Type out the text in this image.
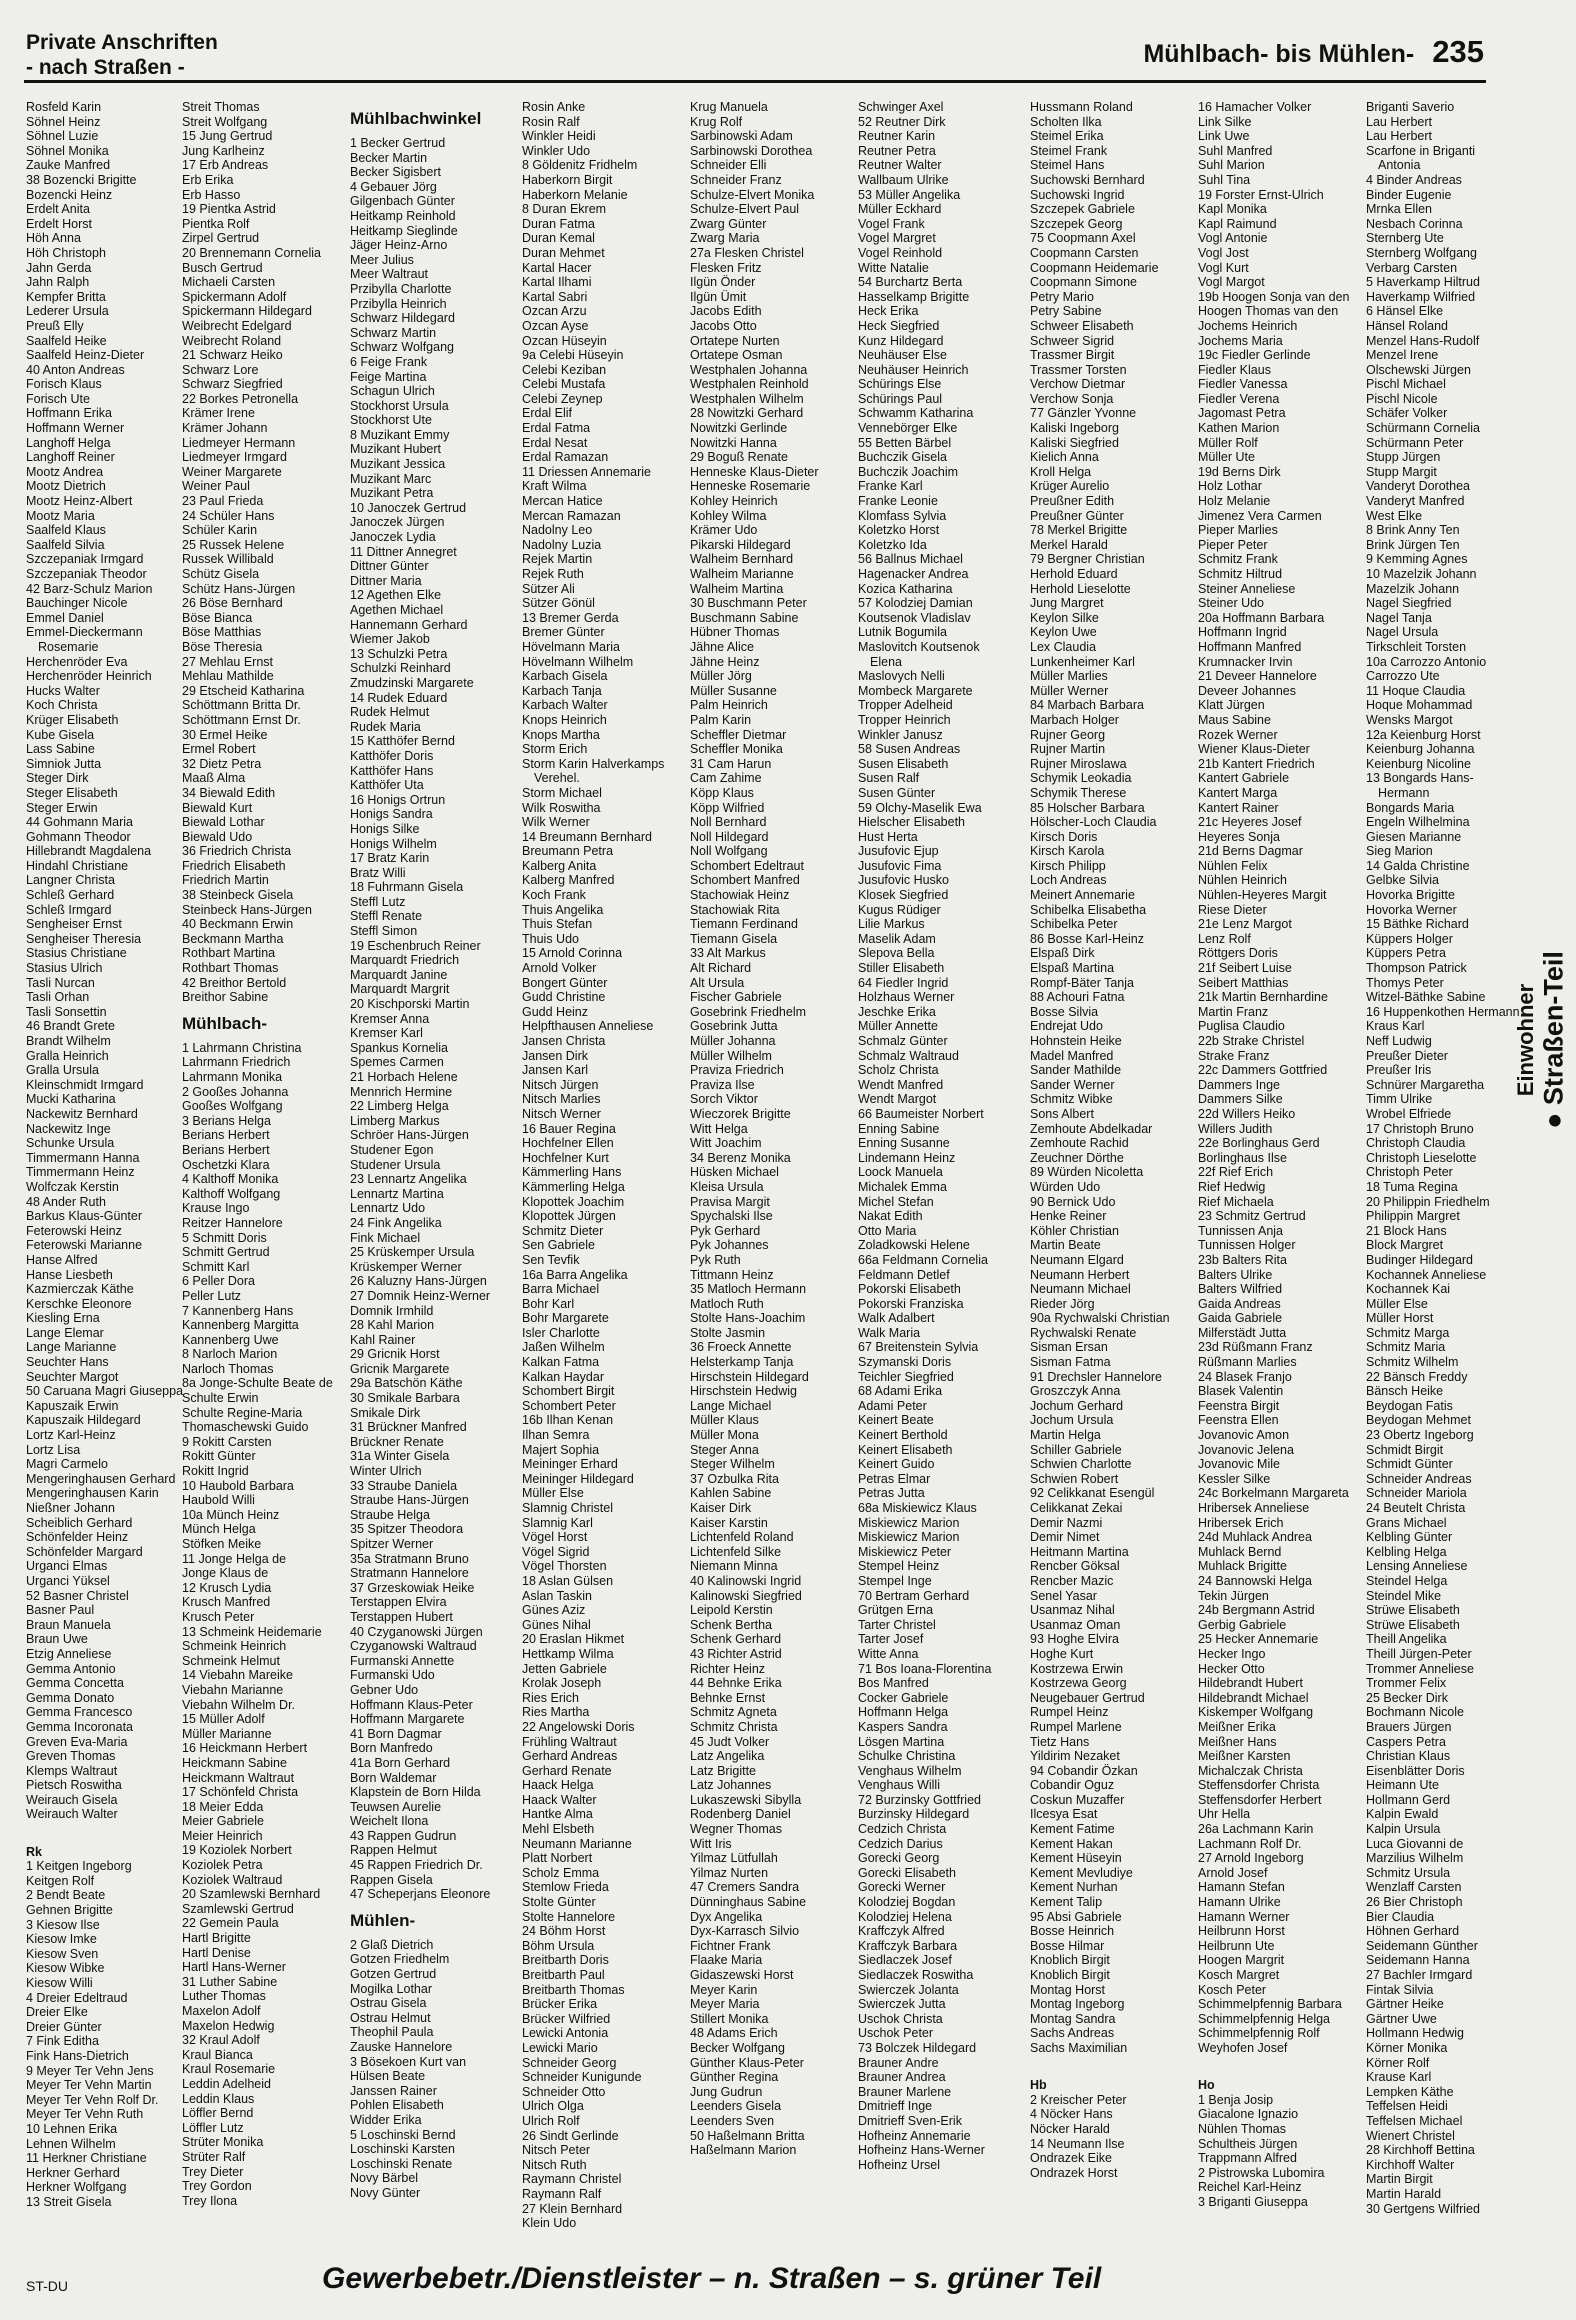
Private Anschriften
- nach Straßen -	Mühlbach- bis Mühlen- 235
Rosfeld Karin
Söhnel Heinz
Söhnel Luzie
Söhnel Monika
Zauke Manfred
38 Bozencki Brigitte
Bozencki Heinz
Erdelt Anita
Erdelt Horst
Höh Anna
Höh Christoph
Jahn Gerda
Jahn Ralph
Kempfer Britta
Lederer Ursula
Preuß Elly
Saalfeld Heike
Saalfeld Heinz-Dieter
40 Anton Andreas
Forisch Klaus
Forisch Ute
Hoffmann Erika
Hoffmann Werner
Langhoff Helga
Langhoff Reiner
Mootz Andrea
Mootz Dietrich
Mootz Heinz-Albert
Mootz Maria
Saalfeld Klaus
Saalfeld Silvia
Szczepaniak Irmgard
Szczepaniak Theodor
42 Barz-Schulz Marion
Bauchinger Nicole
Emmel Daniel
Emmel-Dieckermann
Rosemarie
Herchenröder Eva
Herchenröder Heinrich
Hucks Walter
Koch Christa
Krüger Elisabeth
Kube Gisela
Lass Sabine
Simniok Jutta
Steger Dirk
Steger Elisabeth
Steger Erwin
44 Gohmann Maria
Gohmann Theodor
Hillebrandt Magdalena
Hindahl Christiane
Langner Christa
Schleß Gerhard
Schleß Irmgard
Sengheiser Ernst
Sengheiser Theresia
Stasius Christiane
Stasius Ulrich
Tasli Nurcan
Tasli Orhan
Tasli Sonsettin
46 Brandt Grete
Brandt Wilhelm
Gralla Heinrich
Gralla Ursula
Kleinschmidt Irmgard
Mucki Katharina
Nackewitz Bernhard
Nackewitz Inge
Schunke Ursula
Timmermann Hanna
Timmermann Heinz
Wolfczak Kerstin
48 Ander Ruth
Barkus Klaus-Günter
Feterowski Heinz
Feterowski Marianne
Hanse Alfred
Hanse Liesbeth
Kazmierczak Käthe
Kerschke Eleonore
Kiesling Erna
Lange Elemar
Lange Marianne
Seuchter Hans
Seuchter Margot
50 Caruana Magri Giuseppa
Kapuszaik Erwin
Kapuszaik Hildegard
Lortz Karl-Heinz
Lortz Lisa
Magri Carmelo
Mengeringhausen Gerhard
Mengeringhausen Karin
Nießner Johann
Scheiblich Gerhard
Schönfelder Heinz
Schönfelder Margard
Urganci Elmas
Urganci Yüksel
52 Basner Christel
Basner Paul
Braun Manuela
Braun Uwe
Etzig Anneliese
Gemma Antonio
Gemma Concetta
Gemma Donato
Gemma Francesco
Gemma Incoronata
Greven Eva-Maria
Greven Thomas
Klemps Waltraut
Pietsch Roswitha
Weirauch Gisela
Weirauch Walter

Rk
1 Keitgen Ingeborg
Keitgen Rolf
2 Bendt Beate
Gehnen Brigitte
3 Kiesow Ilse
Kiesow Imke
Kiesow Sven
Kiesow Wibke
Kiesow Willi
4 Dreier Edeltraud
Dreier Elke
Dreier Günter
7 Fink Editha
Fink Hans-Dietrich
9 Meyer Ter Vehn Jens
Meyer Ter Vehn Martin
Meyer Ter Vehn Rolf Dr.
Meyer Ter Vehn Ruth
10 Lehnen Erika
Lehnen Wilhelm
11 Herkner Christiane
Herkner Gerhard
Herkner Wolfgang
13 Streit Gisela
Streit Thomas
Streit Wolfgang
15 Jung Gertrud
Jung Karlheinz
17 Erb Andreas
Erb Erika
Erb Hasso
19 Pientka Astrid
Pientka Rolf
Zirpel Gertrud
20 Brennemann Cornelia
Busch Gertrud
Michaeli Carsten
Spickermann Adolf
Spickermann Hildegard
Weibrecht Edelgard
Weibrecht Roland
21 Schwarz Heiko
Schwarz Lore
Schwarz Siegfried
22 Borkes Petronella
Krämer Irene
Krämer Johann
Liedmeyer Hermann
Liedmeyer Irmgard
Weiner Margarete
Weiner Paul
23 Paul Frieda
24 Schüler Hans
Schüler Karin
25 Russek Helene
Russek Willibald
Schütz Gisela
Schütz Hans-Jürgen
26 Böse Bernhard
Böse Bianca
Böse Matthias
Böse Theresia
27 Mehlau Ernst
Mehlau Mathilde
29 Etscheid Katharina
Schöttmann Britta Dr.
Schöttmann Ernst Dr.
30 Ermel Heike
Ermel Robert
32 Dietz Petra
Maaß Alma
34 Biewald Edith
Biewald Kurt
Biewald Lothar
Biewald Udo
36 Friedrich Christa
Friedrich Elisabeth
Friedrich Martin
38 Steinbeck Gisela
Steinbeck Hans-Jürgen
40 Beckmann Erwin
Beckmann Martha
Rothbart Martina
Rothbart Thomas
42 Breithor Bertold
Breithor Sabine
Mühlbach-
1 Lahrmann Christina
Lahrmann Friedrich
Lahrmann Monika
2 Gooßes Johanna
Gooßes Wolfgang
3 Berians Helga
Berians Herbert
Berians Herbert
Oschetzki Klara
4 Kalthoff Monika
Kalthoff Wolfgang
Krause Ingo
Reitzer Hannelore
5 Schmitt Doris
Schmitt Gertrud
Schmitt Karl
6 Peller Dora
Peller Lutz
7 Kannenberg Hans
Kannenberg Margitta
Kannenberg Uwe
8 Narloch Marion
Narloch Thomas
8a Jonge-Schulte Beate de
Schulte Erwin
Schulte Regine-Maria
Thomaschewski Guido
9 Rokitt Carsten
Rokitt Günter
Rokitt Ingrid
10 Haubold Barbara
Haubold Willi
10a Münch Heinz
Münch Helga
Stöfken Meike
11 Jonge Helga de
Jonge Klaus de
12 Krusch Lydia
Krusch Manfred
Krusch Peter
13 Schmeink Heidemarie
Schmeink Heinrich
Schmeink Helmut
14 Viebahn Mareike
Viebahn Marianne
Viebahn Wilhelm Dr.
15 Müller Adolf
Müller Marianne
16 Heickmann Herbert
Heickmann Sabine
Heickmann Waltraut
17 Schönfeld Christa
18 Meier Edda
Meier Gabriele
Meier Heinrich
19 Koziolek Norbert
Koziolek Petra
Koziolek Waltraud
20 Szamlewski Bernhard
Szamlewski Gertrud
22 Gemein Paula
Hartl Brigitte
Hartl Denise
Hartl Hans-Werner
31 Luther Sabine
Luther Thomas
Maxelon Adolf
Maxelon Hedwig
32 Kraul Adolf
Kraul Bianca
Kraul Rosemarie
Leddin Adelheid
Leddin Klaus
Löffler Bernd
Löffler Lutz
Strüter Monika
Strüter Ralf
Trey Dieter
Trey Gordon
Trey Ilona
Mühlbachwinkel
1 Becker Gertrud
Becker Martin
Becker Sigisbert
4 Gebauer Jörg
Gilgenbach Günter
Heitkamp Reinhold
Heitkamp Sieglinde
Jäger Heinz-Arno
Meer Julius
Meer Waltraut
Przibylla Charlotte
Przibylla Heinrich
Schwarz Hildegard
Schwarz Martin
Schwarz Wolfgang
6 Feige Frank
Feige Martina
Schagun Ulrich
Stockhorst Ursula
Stockhorst Ute
8 Muzikant Emmy
Muzikant Hubert
Muzikant Jessica
Muzikant Marc
Muzikant Petra
10 Janoczek Gertrud
Janoczek Jürgen
Janoczek Lydia
11 Dittner Annegret
Dittner Günter
Dittner Maria
12 Agethen Elke
Agethen Michael
Hannemann Gerhard
Wiemer Jakob
13 Schulzki Petra
Schulzki Reinhard
Zmudzinski Margarete
14 Rudek Eduard
Rudek Helmut
Rudek Maria
15 Katthöfer Bernd
Katthöfer Doris
Katthöfer Hans
Katthöfer Uta
16 Honigs Ortrun
Honigs Sandra
Honigs Silke
Honigs Wilhelm
17 Bratz Karin
Bratz Willi
18 Fuhrmann Gisela
Steffl Lutz
Steffl Renate
Steffl Simon
19 Eschenbruch Reiner
Marquardt Friedrich
Marquardt Janine
Marquardt Margrit
20 Kischporski Martin
Kremser Anna
Kremser Karl
Spankus Kornelia
Spemes Carmen
21 Horbach Helene
Mennrich Hermine
22 Limberg Helga
Limberg Markus
Schröer Hans-Jürgen
Studener Egon
Studener Ursula
23 Lennartz Angelika
Lennartz Martina
Lennartz Udo
24 Fink Angelika
Fink Michael
25 Krüskemper Ursula
Krüskemper Werner
26 Kaluzny Hans-Jürgen
27 Domnik Heinz-Werner
Domnik Irmhild
28 Kahl Marion
Kahl Rainer
29 Gricnik Horst
Gricnik Margarete
29a Batschön Käthe
30 Smikale Barbara
Smikale Dirk
31 Brückner Manfred
Brückner Renate
31a Winter Gisela
Winter Ulrich
33 Straube Daniela
Straube Hans-Jürgen
Straube Helga
35 Spitzer Theodora
Spitzer Werner
35a Stratmann Bruno
Stratmann Hannelore
37 Grzeskowiak Heike
Terstappen Elvira
Terstappen Hubert
40 Czyganowski Jürgen
Czyganowski Waltraud
Furmanski Annette
Furmanski Udo
Gebner Udo
Hoffmann Klaus-Peter
Hoffmann Margarete
41 Born Dagmar
Born Manfredo
41a Born Gerhard
Born Waldemar
Klapstein de Born Hilda
Teuwsen Aurelie
Weichelt Ilona
43 Rappen Gudrun
Rappen Helmut
45 Rappen Friedrich Dr.
Rappen Gisela
47 Scheperjans Eleonore
Mühlen-
2 Glaß Dietrich
Gotzen Friedhelm
Gotzen Gertrud
Mogilka Lothar
Ostrau Gisela
Ostrau Helmut
Theophil Paula
Zauske Hannelore
3 Bösekoen Kurt van
Hülsen Beate
Janssen Rainer
Pohlen Elisabeth
Widder Erika
5 Loschinski Bernd
Loschinski Karsten
Loschinski Renate
Novy Bärbel
Novy Günter
Rosin Anke
Rosin Ralf
Winkler Heidi
Winkler Udo
8 Göldenitz Fridhelm
Haberkorn Birgit
Haberkorn Melanie
8 Duran Ekrem
Duran Fatma
Duran Kemal
Duran Mehmet
Kartal Hacer
Kartal Ilhami
Kartal Sabri
Ozcan Arzu
Ozcan Ayse
Ozcan Hüseyin
9a Celebi Hüseyin
Celebi Keziban
Celebi Mustafa
Celebi Zeynep
Erdal Elif
Erdal Fatma
Erdal Nesat
Erdal Ramazan
11 Driessen Annemarie
Kraft Wilma
Mercan Hatice
Mercan Ramazan
Nadolny Leo
Nadolny Luzia
Rejek Martin
Rejek Ruth
Sützer Ali
Sützer Gönül
13 Bremer Gerda
Bremer Günter
Hövelmann Maria
Hövelmann Wilhelm
Karbach Gisela
Karbach Tanja
Karbach Walter
Knops Heinrich
Knops Martha
Storm Erich
Storm Karin Halverkamps
Verehel.
Storm Michael
Wilk Roswitha
Wilk Werner
14 Breumann Bernhard
Breumann Petra
Kalberg Anita
Kalberg Manfred
Koch Frank
Thuis Angelika
Thuis Stefan
Thuis Udo
15 Arnold Corinna
Arnold Volker
Bongert Günter
Gudd Christine
Gudd Heinz
Helpfthausen Anneliese
Jansen Christa
Jansen Dirk
Jansen Karl
Nitsch Jürgen
Nitsch Marlies
Nitsch Werner
16 Bauer Regina
Hochfelner Ellen
Hochfelner Kurt
Kämmerling Hans
Kämmerling Helga
Klopottek Joachim
Klopottek Jürgen
Schmitz Dieter
Sen Gabriele
Sen Tevfik
16a Barra Angelika
Barra Michael
Bohr Karl
Bohr Margarete
Isler Charlotte
Jaßen Wilhelm
Kalkan Fatma
Kalkan Haydar
Schombert Birgit
Schombert Peter
16b Ilhan Kenan
Ilhan Semra
Majert Sophia
Meininger Erhard
Meininger Hildegard
Müller Else
Slamnig Christel
Slamnig Karl
Vögel Horst
Vögel Sigrid
Vögel Thorsten
18 Aslan Gülsen
Aslan Taskin
Günes Aziz
Günes Nihal
20 Eraslan Hikmet
Hettkamp Wilma
Jetten Gabriele
Krolak Joseph
Ries Erich
Ries Martha
22 Angelowski Doris
Frühling Waltraut
Gerhard Andreas
Gerhard Renate
Haack Helga
Haack Walter
Hantke Alma
Mehl Elsbeth
Neumann Marianne
Platt Norbert
Scholz Emma
Stemlow Frieda
Stolte Günter
Stolte Hannelore
24 Böhm Horst
Böhm Ursula
Breitbarth Doris
Breitbarth Paul
Breitbarth Thomas
Brücker Erika
Brücker Wilfried
Lewicki Antonia
Lewicki Mario
Schneider Georg
Schneider Kunigunde
Schneider Otto
Ulrich Olga
Ulrich Rolf
26 Sindt Gerlinde
Nitsch Peter
Nitsch Ruth
Raymann Christel
Raymann Ralf
27 Klein Bernhard
Klein Udo
Krug Manuela
Krug Rolf
Sarbinowski Adam
Sarbinowski Dorothea
Schneider Elli
Schneider Franz
Schulze-Elvert Monika
Schulze-Elvert Paul
Zwarg Günter
Zwarg Maria
27a Flesken Christel
Flesken Fritz
Ilgün Önder
Ilgün Ümit
Jacobs Edith
Jacobs Otto
Ortatepe Nurten
Ortatepe Osman
Westphalen Johanna
Westphalen Reinhold
Westphalen Wilhelm
28 Nowitzki Gerhard
Nowitzki Gerlinde
Nowitzki Hanna
29 Boguß Renate
Henneske Klaus-Dieter
Henneske Rosemarie
Kohley Heinrich
Kohley Wilma
Krämer Udo
Pikarski Hildegard
Walheim Bernhard
Walheim Marianne
Walheim Martina
30 Buschmann Peter
Buschmann Sabine
Hübner Thomas
Jähne Alice
Jähne Heinz
Müller Jörg
Müller Susanne
Palm Heinrich
Palm Karin
Scheffler Dietmar
Scheffler Monika
31 Cam Harun
Cam Zahime
Köpp Klaus
Köpp Wilfried
Noll Bernhard
Noll Hildegard
Noll Wolfgang
Schombert Edeltraut
Schombert Manfred
Stachowiak Heinz
Stachowiak Rita
Tiemann Ferdinand
Tiemann Gisela
33 Alt Markus
Alt Richard
Alt Ursula
Fischer Gabriele
Gosebrink Friedhelm
Gosebrink Jutta
Müller Johanna
Müller Wilhelm
Praviza Friedrich
Praviza Ilse
Sorch Viktor
Wieczorek Brigitte
Witt Helga
Witt Joachim
34 Berenz Monika
Hüsken Michael
Kleisa Ursula
Pravisa Margit
Spychalski Ilse
Pyk Gerhard
Pyk Johannes
Pyk Ruth
Tittmann Heinz
35 Matloch Hermann
Matloch Ruth
Stolte Hans-Joachim
Stolte Jasmin
36 Froeck Annette
Helsterkamp Tanja
Hirschstein Hildegard
Hirschstein Hedwig
Lange Michael
Müller Klaus
Müller Mona
Steger Anna
Steger Wilhelm
37 Ozbulka Rita
Kahlen Sabine
Kaiser Dirk
Kaiser Karstin
Lichtenfeld Roland
Lichtenfeld Silke
Niemann Minna
40 Kalinowski Ingrid
Kalinowski Siegfried
Leipold Kerstin
Schenk Bertha
Schenk Gerhard
43 Richter Astrid
Richter Heinz
44 Behnke Erika
Behnke Ernst
Schmitz Agneta
Schmitz Christa
45 Judt Volker
Latz Angelika
Latz Brigitte
Latz Johannes
Lukaszewski Sibylla
Rodenberg Daniel
Wegner Thomas
Witt Iris
Yilmaz Lütfullah
Yilmaz Nurten
47 Cremers Sandra
Dünninghaus Sabine
Dyx Angelika
Dyx-Karrasch Silvio
Fichtner Frank
Flaake Maria
Gidaszewski Horst
Meyer Karin
Meyer Maria
Stillert Monika
48 Adams Erich
Becker Wolfgang
Günther Klaus-Peter
Günther Regina
Jung Gudrun
Leenders Gisela
Leenders Sven
50 Haßelmann Britta
Haßelmann Marion
Schwinger Axel
52 Reutner Dirk
Reutner Karin
Reutner Petra
Reutner Walter
Wallbaum Ulrike
53 Müller Angelika
Müller Eckhard
Vogel Frank
Vogel Margret
Vogel Reinhold
Witte Natalie
54 Burchartz Berta
Hasselkamp Brigitte
Heck Erika
Heck Siegfried
Kunz Hildegard
Neuhäuser Else
Neuhäuser Heinrich
Schürings Else
Schürings Paul
Schwamm Katharina
Vennebörger Elke
55 Betten Bärbel
Buchczik Gisela
Buchczik Joachim
Franke Karl
Franke Leonie
Klomfass Sylvia
Koletzko Horst
Koletzko Ida
56 Ballnus Michael
Hagenacker Andrea
Kozica Katharina
57 Kolodziej Damian
Koutsenok Vladislav
Lutnik Bogumila
Maslovitch Koutsenok
Elena
Maslovych Nelli
Mombeck Margarete
Tropper Adelheid
Tropper Heinrich
Winkler Janusz
58 Susen Andreas
Susen Elisabeth
Susen Ralf
Susen Günter
59 Olchy-Maselik Ewa
Hielscher Elisabeth
Hust Herta
Jusufovic Ejup
Jusufovic Fima
Jusufovic Husko
Klosek Siegfried
Kugus Rüdiger
Lilie Markus
Maselik Adam
Slepova Bella
Stiller Elisabeth
64 Fiedler Ingrid
Holzhaus Werner
Jeschke Erika
Müller Annette
Schmalz Günter
Schmalz Waltraud
Scholz Christa
Wendt Manfred
Wendt Margot
66 Baumeister Norbert
Enning Sabine
Enning Susanne
Lindemann Heinz
Loock Manuela
Michalek Emma
Michel Stefan
Nakat Edith
Otto Maria
Zoladkowski Helene
66a Feldmann Cornelia
Feldmann Detlef
Pokorski Elisabeth
Pokorski Franziska
Walk Adalbert
Walk Maria
67 Breitenstein Sylvia
Szymanski Doris
Teichler Siegfried
68 Adami Erika
Adami Peter
Keinert Beate
Keinert Berthold
Keinert Elisabeth
Keinert Guido
Petras Elmar
Petras Jutta
68a Miskiewicz Klaus
Miskiewicz Marion
Miskiewicz Marion
Miskiewicz Peter
Stempel Heinz
Stempel Inge
70 Bertram Gerhard
Grütgen Erna
Tarter Christel
Tarter Josef
Witte Anna
71 Bos Ioana-Florentina
Bos Manfred
Cocker Gabriele
Hoffmann Helga
Kaspers Sandra
Lösgen Martina
Schulke Christina
Venghaus Wilhelm
Venghaus Willi
72 Burzinsky Gottfried
Burzinsky Hildegard
Cedzich Christa
Cedzich Darius
Gorecki Georg
Gorecki Elisabeth
Gorecki Werner
Kolodziej Bogdan
Kolodziej Helena
Kraffczyk Alfred
Kraffczyk Barbara
Siedlaczek Josef
Siedlaczek Roswitha
Swierczek Jolanta
Swierczek Jutta
Uschok Christa
Uschok Peter
73 Bolczek Hildegard
Brauner Andre
Brauner Andrea
Brauner Marlene
Dmitrieff Inge
Dmitrieff Sven-Erik
Hofheinz Annemarie
Hofheinz Hans-Werner
Hofheinz Ursel
Hussmann Roland
Scholten Ilka
Steimel Erika
Steimel Frank
Steimel Hans
Suchowski Bernhard
Suchowski Ingrid
Szczepek Gabriele
Szczepek Georg
75 Coopmann Axel
Coopmann Carsten
Coopmann Heidemarie
Coopmann Simone
Petry Mario
Petry Sabine
Schweer Elisabeth
Schweer Sigrid
Trassmer Birgit
Trassmer Torsten
Verchow Dietmar
Verchow Sonja
77 Gänzler Yvonne
Kaliski Ingeborg
Kaliski Siegfried
Kielich Anna
Kroll Helga
Krüger Aurelio
Preußner Edith
Preußner Günter
78 Merkel Brigitte
Merkel Harald
79 Bergner Christian
Herhold Eduard
Herhold Lieselotte
Jung Margret
Keylon Silke
Keylon Uwe
Lex Claudia
Lunkenheimer Karl
Müller Marlies
Müller Werner
84 Marbach Barbara
Marbach Holger
Rujner Georg
Rujner Martin
Rujner Miroslawa
Schymik Leokadia
Schymik Therese
85 Holscher Barbara
Hölscher-Loch Claudia
Kirsch Doris
Kirsch Karola
Kirsch Philipp
Loch Andreas
Meinert Annemarie
Schibelka Elisabetha
Schibelka Peter
86 Bosse Karl-Heinz
Elspaß Dirk
Elspaß Martina
Rompf-Bäter Tanja
88 Achouri Fatna
Bosse Silvia
Endrejat Udo
Hohnstein Heike
Madel Manfred
Sander Mathilde
Sander Werner
Schmitz Wibke
Sons Albert
Zemhoute Abdelkadar
Zemhoute Rachid
Zeuchner Dörthe
89 Würden Nicoletta
Würden Udo
90 Bernick Udo
Henke Reiner
Köhler Christian
Martin Beate
Neumann Elgard
Neumann Herbert
Neumann Michael
Rieder Jörg
90a Rychwalski Christian
Rychwalski Renate
Sisman Ersan
Sisman Fatma
91 Drechsler Hannelore
Groszczyk Anna
Jochum Gerhard
Jochum Ursula
Martin Helga
Schiller Gabriele
Schwien Charlotte
Schwien Robert
92 Celikkanat Esengül
Celikkanat Zekai
Demir Nazmi
Demir Nimet
Heitmann Martina
Rencber Göksal
Rencber Mazic
Senel Yasar
Usanmaz Nihal
Usanmaz Oman
93 Hoghe Elvira
Hoghe Kurt
Kostrzewa Erwin
Kostrzewa Georg
Neugebauer Gertrud
Rumpel Heinz
Rumpel Marlene
Tietz Hans
Yildirim Nezaket
94 Cobandir Özkan
Cobandir Oguz
Coskun Muzaffer
Ilcesya Esat
Kement Fatime
Kement Hakan
Kement Hüseyin
Kement Mevludiye
Kement Nurhan
Kement Talip
95 Absi Gabriele
Bosse Heinrich
Bosse Hilmar
Knoblich Birgit
Knoblich Birgit
Montag Horst
Montag Ingeborg
Montag Sandra
Sachs Andreas
Sachs Maximilian

Hb
2 Kreischer Peter
4 Nöcker Hans
Nöcker Harald
14 Neumann Ilse
Ondrazek Eike
Ondrazek Horst
16 Hamacher Volker
Link Silke
Link Uwe
Suhl Manfred
Suhl Marion
Suhl Tina
19 Forster Ernst-Ulrich
Kapl Monika
Kapl Raimund
Vogl Antonie
Vogl Jost
Vogl Kurt
Vogl Margot
19b Hoogen Sonja van den
Hoogen Thomas van den
Jochems Heinrich
Jochems Maria
19c Fiedler Gerlinde
Fiedler Klaus
Fiedler Vanessa
Fiedler Verena
Jagomast Petra
Kathen Marion
Müller Rolf
Müller Ute
19d Berns Dirk
Holz Lothar
Holz Melanie
Jimenez Vera Carmen
Pieper Marlies
Pieper Peter
Schmitz Frank
Schmitz Hiltrud
Steiner Anneliese
Steiner Udo
20a Hoffmann Barbara
Hoffmann Ingrid
Hoffmann Manfred
Krumnacker Irvin
21 Deveer Hannelore
Deveer Johannes
Klatt Jürgen
Maus Sabine
Rozek Werner
Wiener Klaus-Dieter
21b Kantert Friedrich
Kantert Gabriele
Kantert Marga
Kantert Rainer
21c Heyeres Josef
Heyeres Sonja
21d Berns Dagmar
Nühlen Felix
Nühlen Heinrich
Nühlen-Heyeres Margit
Riese Dieter
21e Lenz Margot
Lenz Rolf
Röttgers Doris
21f Seibert Luise
Seibert Matthias
21k Martin Bernhardine
Martin Franz
Puglisa Claudio
22b Strake Christel
Strake Franz
22c Dammers Gottfried
Dammers Inge
Dammers Silke
22d Willers Heiko
Willers Judith
22e Borlinghaus Gerd
Borlinghaus Ilse
22f Rief Erich
Rief Hedwig
Rief Michaela
23 Schmitz Gertrud
Tunnissen Anja
Tunnissen Holger
23b Balters Rita
Balters Ulrike
Balters Wilfried
Gaida Andreas
Gaida Gabriele
Milferstädt Jutta
23d Rüßmann Franz
Rüßmann Marlies
24 Blasek Franjo
Blasek Valentin
Feenstra Birgit
Feenstra Ellen
Jovanovic Amon
Jovanovic Jelena
Jovanovic Mile
Kessler Silke
24c Borkelmann Margareta
Hribersek Anneliese
Hribersek Erich
24d Muhlack Andrea
Muhlack Bernd
Muhlack Brigitte
24 Bannowski Helga
Tekin Jürgen
24b Bergmann Astrid
Gerbig Gabriele
25 Hecker Annemarie
Hecker Ingo
Hecker Otto
Hildebrandt Hubert
Hildebrandt Michael
Kiskemper Wolfgang
Meißner Erika
Meißner Hans
Meißner Karsten
Michalczak Christa
Steffensdorfer Christa
Steffensdorfer Herbert
Uhr Hella
26a Lachmann Karin
Lachmann Rolf Dr.
27 Arnold Ingeborg
Arnold Josef
Hamann Stefan
Hamann Ulrike
Hamann Werner
Heilbrunn Horst
Heilbrunn Ute
Hoogen Margrit
Kosch Margret
Kosch Peter
Schimmelpfennig Barbara
Schimmelpfennig Helga
Schimmelpfennig Rolf
Weyhofen Josef

Ho
1 Benja Josip
Giacalone Ignazio
Nühlen Thomas
Schultheis Jürgen
Trappmann Alfred
2 Pistrowska Lubomira
Reichel Karl-Heinz
3 Briganti Giuseppa
Briganti Saverio
Lau Herbert
Lau Herbert
Scarfone in Briganti
Antonia
4 Binder Andreas
Binder Eugenie
Mrnka Ellen
Nesbach Corinna
Sternberg Ute
Sternberg Wolfgang
Verbarg Carsten
5 Haverkamp Hiltrud
Haverkamp Wilfried
6 Hänsel Elke
Hänsel Roland
Menzel Hans-Rudolf
Menzel Irene
Olschewski Jürgen
Pischl Michael
Pischl Nicole
Schäfer Volker
Schürmann Cornelia
Schürmann Peter
Stupp Jürgen
Stupp Margit
Vanderyt Dorothea
Vanderyt Manfred
West Elke
8 Brink Anny Ten
Brink Jürgen Ten
9 Kemming Agnes
10 Mazelzik Johann
Mazelzik Johann
Nagel Siegfried
Nagel Tanja
Nagel Ursula
Tirkschleit Torsten
10a Carrozzo Antonio
Carrozzo Ute
11 Hoque Claudia
Hoque Mohammad
Wensks Margot
12a Keienburg Horst
Keienburg Johanna
Keienburg Nicoline
13 Bongards Hans-
Hermann
Bongards Maria
Engeln Wilhelmina
Giesen Marianne
Sieg Marion
14 Galda Christine
Gelbke Silvia
Hovorka Brigitte
Hovorka Werner
15 Bäthke Richard
Küppers Holger
Küppers Petra
Thompson Patrick
Thomys Peter
Witzel-Bäthke Sabine
16 Huppenkothen Hermann
Kraus Karl
Neff Ludwig
Preußer Dieter
Preußer Iris
Schnürer Margaretha
Timm Ulrike
Wrobel Elfriede
17 Christoph Bruno
Christoph Claudia
Christoph Lieselotte
Christoph Peter
18 Tuma Regina
20 Philippin Friedhelm
Philippin Margret
21 Block Hans
Block Margret
Budinger Hildegard
Kochannek Anneliese
Kochannek Kai
Müller Else
Müller Horst
Schmitz Marga
Schmitz Maria
Schmitz Wilhelm
22 Bänsch Freddy
Bänsch Heike
Beydogan Fatis
Beydogan Mehmet
23 Obertz Ingeborg
Schmidt Birgit
Schmidt Günter
Schneider Andreas
Schneider Mariola
24 Beutelt Christa
Grans Michael
Kelbling Günter
Kelbling Helga
Lensing Anneliese
Steindel Helga
Steindel Mike
Strüwe Elisabeth
Strüwe Elisabeth
Theill Angelika
Theill Jürgen-Peter
Trommer Anneliese
Trommer Felix
25 Becker Dirk
Bochmann Nicole
Brauers Jürgen
Caspers Petra
Christian Klaus
Eisenblätter Doris
Heimann Ute
Hollmann Gerd
Kalpin Ewald
Kalpin Ursula
Luca Giovanni de
Marzilius Wilhelm
Schmitz Ursula
Wenzlaff Carsten
26 Bier Christoph
Bier Claudia
Höhnen Gerhard
Seidemann Günther
Seidemann Hanna
27 Bachler Irmgard
Fintak Silvia
Gärtner Heike
Gärtner Uwe
Hollmann Hedwig
Körner Monika
Körner Rolf
Krause Karl
Lempken Käthe
Teffelsen Heidi
Teffelsen Michael
Wienert Christel
28 Kirchhoff Bettina
Kirchhoff Walter
Martin Birgit
Martin Harald
30 Gertgens Wilfried
Einwohner ● Straßen-Teil
ST-DU	Gewerbebetr./Dienstleister – n. Straßen – s. grüner Teil
